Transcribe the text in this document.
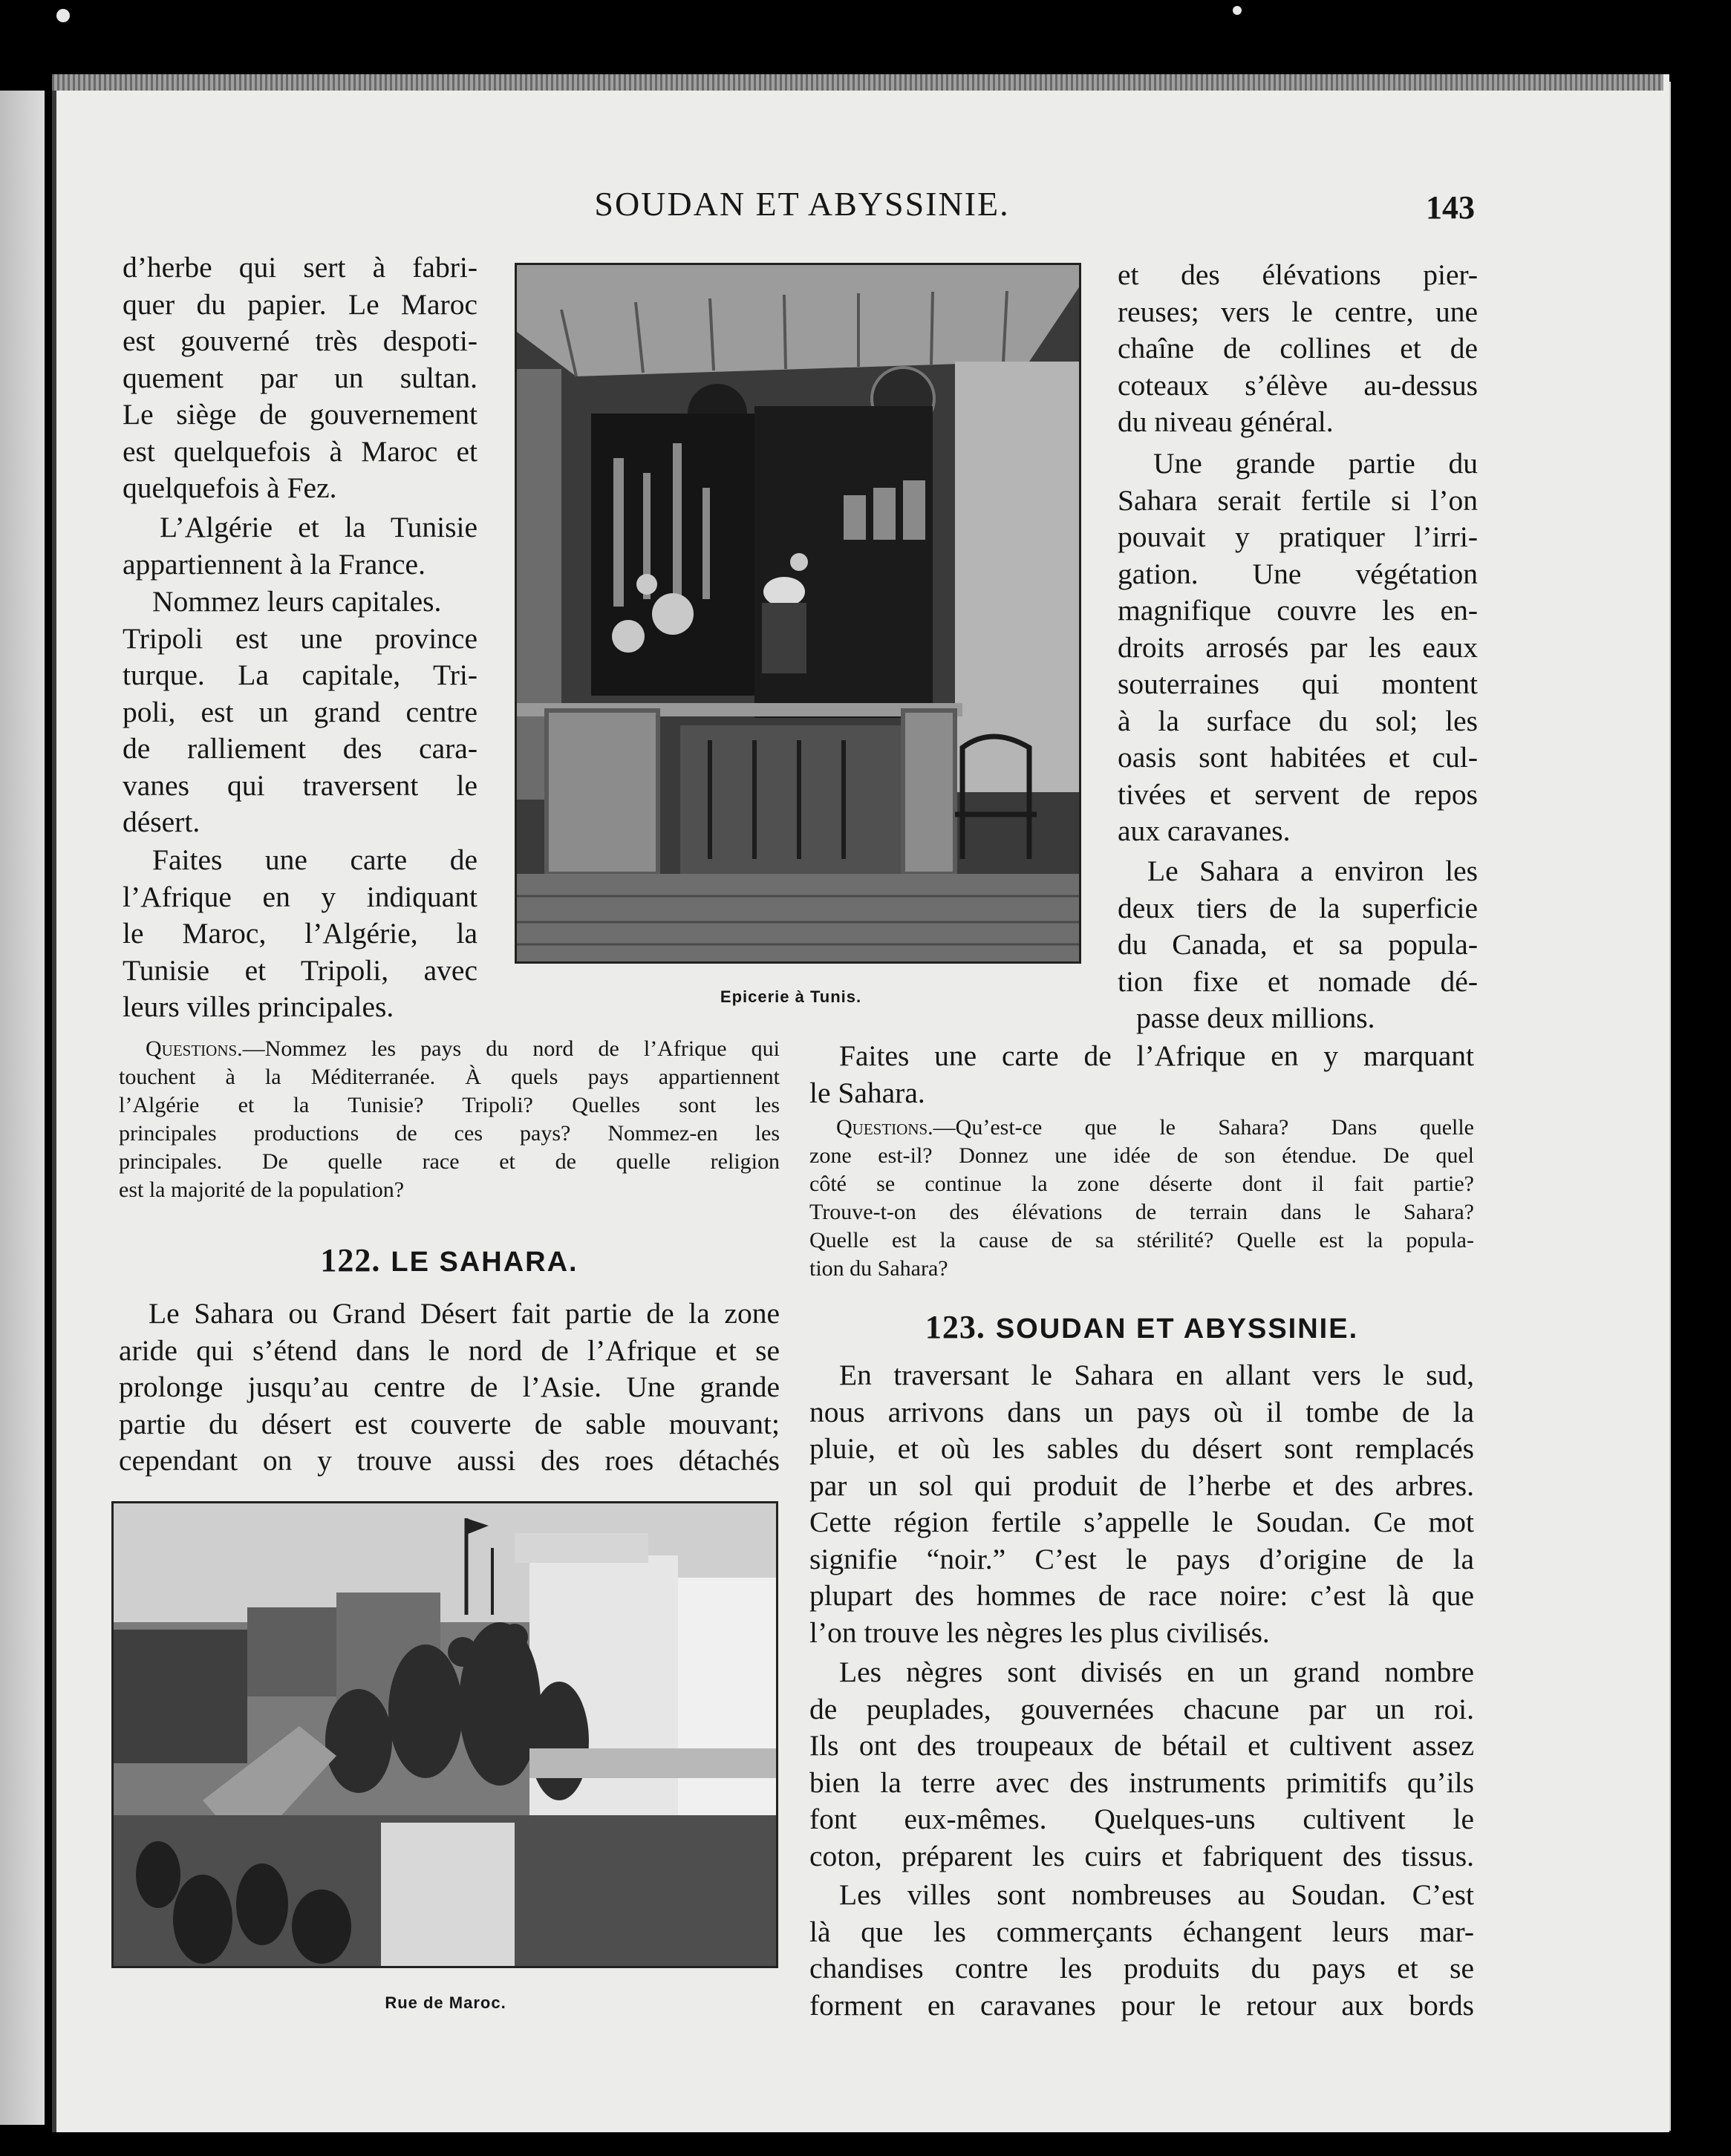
SOUDAN ET ABYSSINIE.	143
d’herbe qui sert à fabri-
quer du papier. Le Maroc
est gouverné très despoti-
quement par un sultan.
Le siège de gouvernement
est quelquefois à Maroc et
quelquefois à Fez.
L’Algérie et la Tunisie
appartiennent à la France.
Nommez leurs capitales.
Tripoli est une province
turque. La capitale, Tri-
poli, est un grand centre
de ralliement des cara-
vanes qui traversent le
désert.
Faites une carte de
l’Afrique en y indiquant
le Maroc, l’Algérie, la
Tunisie et Tripoli, avec
leurs villes principales.	Epicerie à Tunis.
et des élévations pier-
reuses; vers le centre, une
chaîne de collines et de
coteaux s’élève au-dessus
du niveau général.
Une grande partie du
Sahara serait fertile si l’on
pouvait y pratiquer l’irri-
gation. Une végétation
magnifique couvre les en-
droits arrosés par les eaux
souterraines qui montent
à la surface du sol; les
oasis sont habitées et cul-
tivées et servent de repos
aux caravanes.
Le Sahara a environ les
deux tiers de la superficie
du Canada, et sa popula-
tion fixe et nomade dé-
passe deux millions.
Faites une carte de l’Afrique en y marquant
le Sahara.
Questions.—Nommez les pays du nord de l’Afrique qui
touchent à la Méditerranée. À quels pays appartiennent
l’Algérie et la Tunisie? Tripoli? Quelles sont les
principales productions de ces pays? Nommez-en les
principales. De quelle race et de quelle religion
est la majorité de la population?
Questions.—Qu’est-ce que le Sahara? Dans quelle
zone est-il? Donnez une idée de son étendue. De quel
côté se continue la zone déserte dont il fait partie?
Trouve-t-on des élévations de terrain dans le Sahara?
Quelle est la cause de sa stérilité? Quelle est la popula-
tion du Sahara?
122. LE SAHARA.
Le Sahara ou Grand Désert fait partie de la zone
aride qui s’étend dans le nord de l’Afrique et se
prolonge jusqu’au centre de l’Asie. Une grande
partie du désert est couverte de sable mouvant;
cependant on y trouve aussi des roes détachés
Rue de Maroc.
123. SOUDAN ET ABYSSINIE.
En traversant le Sahara en allant vers le sud,
nous arrivons dans un pays où il tombe de la
pluie, et où les sables du désert sont remplacés
par un sol qui produit de l’herbe et des arbres.
Cette région fertile s’appelle le Soudan. Ce mot
signifie “noir.” C’est le pays d’origine de la
plupart des hommes de race noire: c’est là que
l’on trouve les nègres les plus civilisés.
Les nègres sont divisés en un grand nombre
de peuplades, gouvernées chacune par un roi.
Ils ont des troupeaux de bétail et cultivent assez
bien la terre avec des instruments primitifs qu’ils
font eux-mêmes. Quelques-uns cultivent le
coton, préparent les cuirs et fabriquent des tissus.
Les villes sont nombreuses au Soudan. C’est
là que les commerçants échangent leurs mar-
chandises contre les produits du pays et se
forment en caravanes pour le retour aux bords
